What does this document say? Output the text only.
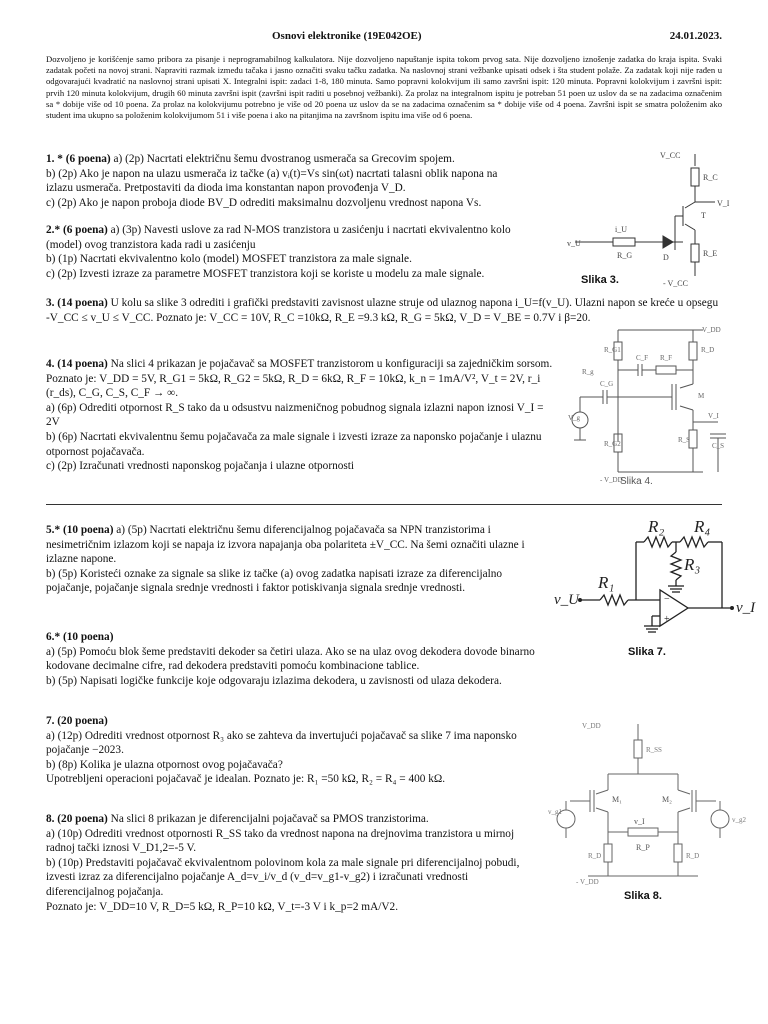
Osnovi elektronike (19E042OE)	24.01.2023.
Dozvoljeno je korišćenje samo pribora za pisanje i neprogramabilnog kalkulatora. Nije dozvoljeno napuštanje ispita tokom prvog sata. Nije dozvoljeno iznošenje zadatka do kraja ispita. Svaki zadatak početi na novoj strani. Napraviti razmak između tačaka i jasno označiti svaku tačku zadatka. Na naslovnoj strani vežbanke upisati odsek i šta student polaže. Za zadatak koji nije rađen u odgovarajući kvadratić na naslovnoj strani upisati X. Integralni ispit: zadaci 1-8, 180 minuta. Samo popravni kolokvijum ili samo završni ispit: 120 minuta. Popravni kolokvijum i završni ispit: prvih 120 minuta kolokvijum, drugih 60 minuta završni ispit (završni ispit raditi u posebnoj vežbanki). Za prolaz na integralnom ispitu je potreban 51 poen uz uslov da se na zadacima označenim sa * dobije više od 10 poena. Za prolaz na kolokvijumu potrebno je više od 20 poena uz uslov da se na zadacima označenim sa * dobije više od 4 poena. Završni ispit se smatra položenim ako student ima ukupno sa položenim kolokvijumom 51 i više poena i ako na pitanjima na završnom ispitu ima više od 6 poena.
1. * (6 poena) a) (2p) Nacrtati električnu šemu dvostranog usmerača sa Grecovim spojem.
b) (2p) Ako je napon na ulazu usmerača iz tačke (a) vᵢ(t)=Vs sin(ωt) nacrtati talasni oblik napona na izlazu usmerača. Pretpostaviti da dioda ima konstantan napon provođenja V_D.
c) (2p) Ako je napon proboja diode BV_D odrediti maksimalnu dozvoljenu vrednost napona Vs.
2.* (6 poena) a) (3p) Navesti uslove za rad N-MOS tranzistora u zasićenju i nacrtati ekvivalentno kolo (model) ovog tranzistora kada radi u zasićenju
b) (1p) Nacrtati ekvivalentno kolo (model) MOSFET tranzistora za male signale.
c) (2p) Izvesti izraze za parametre MOSFET tranzistora koji se koriste u modelu za male signale.
3. (14 poena) U kolu sa slike 3 odrediti i grafički predstaviti zavisnost ulazne struje od ulaznog napona i_U=f(v_U). Ulazni napon se kreće u opsegu -V_CC ≤ v_U ≤ V_CC. Poznato je: V_CC = 10V, R_C =10kΩ, R_E =9.3 kΩ, R_G = 5kΩ, V_D = V_BE = 0.7V i β=20.
4. (14 poena) Na slici 4 prikazan je pojačavač sa MOSFET tranzistorom u konfiguraciji sa zajedničkim sorsom. Poznato je: V_DD = 5V, R_G1 = 5kΩ, R_G2 = 5kΩ, R_D = 6kΩ, R_F = 10kΩ, k_n = 1mA/V², V_t = 2V, r_i (r_ds), C_G, C_S, C_F → ∞.
a) (6p) Odrediti otpornost R_S tako da u odsustvu naizmeničnog pobudnog signala izlazni napon iznosi V_I = 2V
b) (6p) Nacrtati ekvivalentnu šemu pojačavača za male signale i izvesti izraze za naponsko pojačanje i ulaznu otpornost pojačavača.
c) (2p) Izračunati vrednosti naponskog pojačanja i ulazne otpornosti
5.* (10 poena) a) (5p) Nacrtati električnu šemu diferencijalnog pojačavača sa NPN tranzistorima i nesimetričnim izlazom koji se napaja iz izvora napajanja oba polariteta ±V_CC. Na šemi označiti ulazne i izlazne napone.
b) (5p) Koristeći oznake za signale sa slike iz tačke (a) ovog zadatka napisati izraze za diferencijalno pojačanje, pojačanje signala srednje vrednosti i faktor potiskivanja signala srednje vrednosti.
6.* (10 poena)
a) (5p) Pomoću blok šeme predstaviti dekoder sa četiri ulaza. Ako se na ulaz ovog dekodera dovode binarno kodovane decimalne cifre, rad dekodera predstaviti pomoću kombinacione tablice.
b) (5p) Napisati logičke funkcije koje odgovaraju izlazima dekodera, u zavisnosti od ulaza dekodera.
7. (20 poena)
a) (12p) Odrediti vrednost otpornost R₃ ako se zahteva da invertujući pojačavač sa slike 7 ima naponsko pojačanje −2023.
b) (8p) Kolika je ulazna otpornost ovog pojačavača?
Upotrebljeni operacioni pojačavač je idealan. Poznato je: R₁ =50 kΩ, R₂ = R₄ = 400 kΩ.
8. (20 poena) Na slici 8 prikazan je diferencijalni pojačavač sa PMOS tranzistorima.
a) (10p) Odrediti vrednost otpornosti R_SS tako da vrednost napona na drejnovima tranzistora u mirnoj radnoj tački iznosi V_D1,2=-5 V.
b) (10p) Predstaviti pojačavač ekvivalentnom polovinom kola za male signale pri diferencijalnoj pobudi, izvesti izraz za diferencijalno pojačanje A_d=v_i/v_d (v_d=v_g1-v_g2) i izračunati vrednosti diferencijalnog pojačanja.
Poznato je: V_DD=10 V, R_D=5 kΩ, R_P=10 kΩ, V_t=-3 V i k_p=2 mA/V2.
V_CC
R_C
V_I
i_U
v_U
R_G	D
T
R_E
- V_CC
Slika 3.
V_DD
R_G1
C_F R_F
R_D
R_g
C_G
M
V_I
V_g
R_G2	R_S
C_S
- V_DD
Slika 4.
−
+
R₁
R₂
R₃
R₄
v_U	v_I
Slika 7.
V_DD
R_SS
M₁	M₂
v_g1
v_g2
v_I
R_P
R_D	R_D
- V_DD
Slika 8.
